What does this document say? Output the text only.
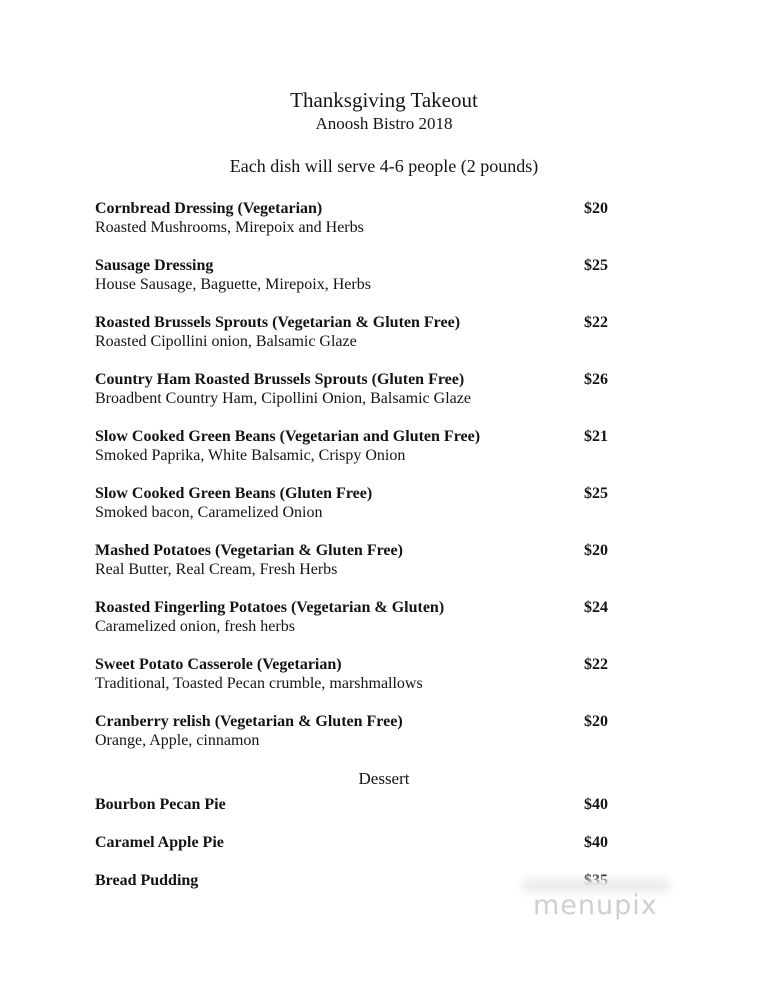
Thanksgiving Takeout
Anoosh Bistro 2018
Each dish will serve 4-6 people (2 pounds)
Cornbread Dressing (Vegetarian)
Roasted Mushrooms, Mirepoix and Herbs
$20
Sausage Dressing
House Sausage, Baguette, Mirepoix, Herbs
$25
Roasted Brussels Sprouts (Vegetarian & Gluten Free)
Roasted Cipollini onion, Balsamic Glaze
$22
Country Ham Roasted Brussels Sprouts (Gluten Free)
Broadbent Country Ham, Cipollini Onion, Balsamic Glaze
$26
Slow Cooked Green Beans (Vegetarian and Gluten Free)
Smoked Paprika, White Balsamic, Crispy Onion
$21
Slow Cooked Green Beans (Gluten Free)
Smoked bacon, Caramelized Onion
$25
Mashed Potatoes (Vegetarian & Gluten Free)
Real Butter, Real Cream, Fresh Herbs
$20
Roasted Fingerling Potatoes (Vegetarian & Gluten)
Caramelized onion, fresh herbs
$24
Sweet Potato Casserole (Vegetarian)
Traditional, Toasted Pecan crumble, marshmallows
$22
Cranberry relish (Vegetarian & Gluten Free)
Orange, Apple, cinnamon
$20
Dessert
Bourbon Pecan Pie	$40
Caramel Apple Pie	$40
Bread Pudding
menupix
